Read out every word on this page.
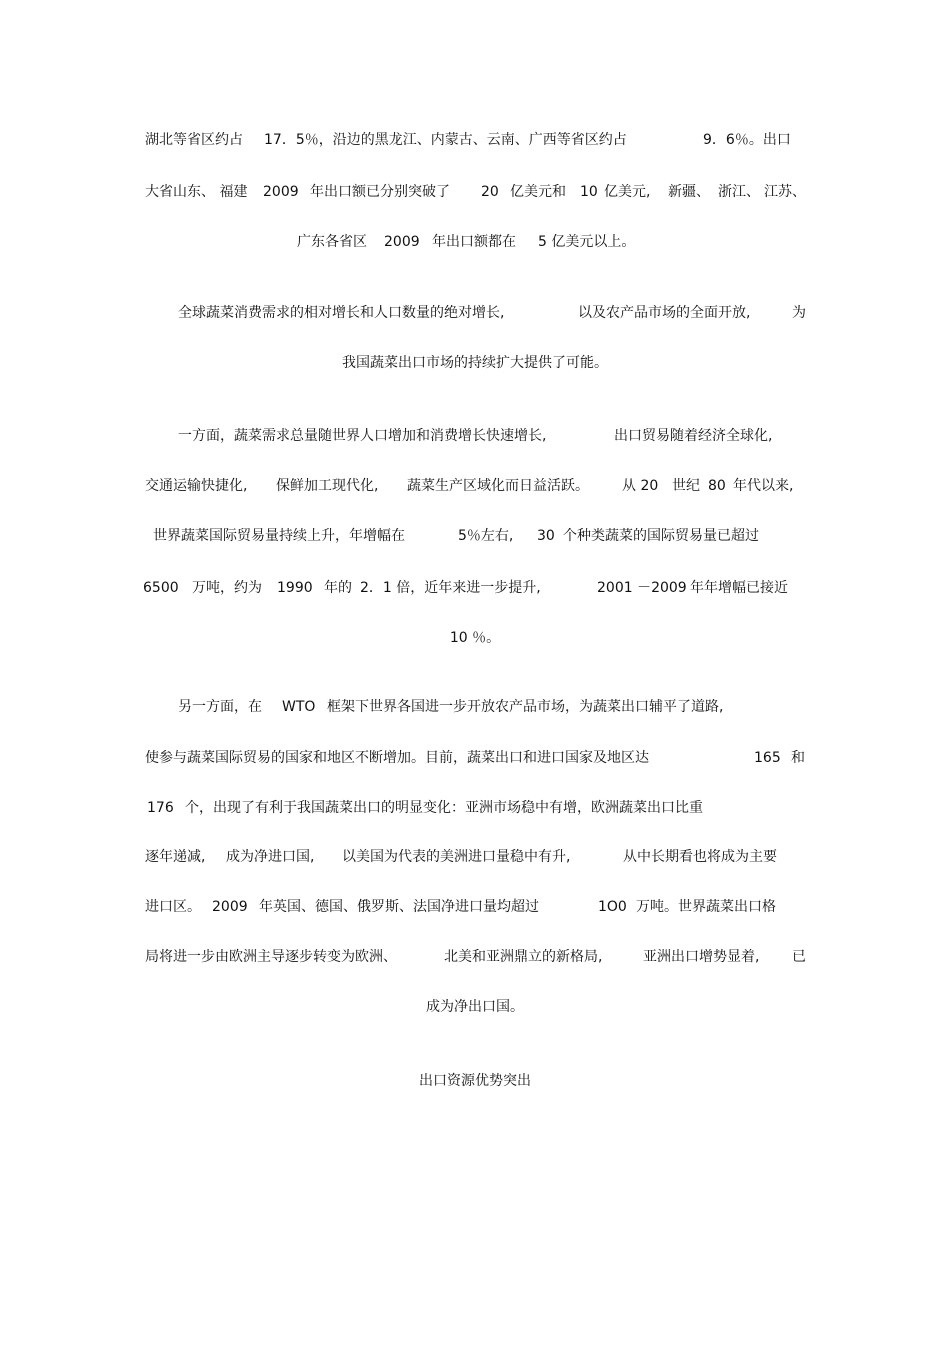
湖北等省区约占 17．5％，沿边的黑龙江、内蒙古、云南、广西等省区约占	9．6％。出口
大省山东、 福建 2009 年出口额已分别突破了 20 亿美元和 10 亿美元, 新疆、 浙江、 江苏、
广东各省区 2009 年出口额都在 5 亿美元以上。
全球蔬菜消费需求的相对增长和人口数量的绝对增长,	以及农产品市场的全面开放,	为
我国蔬菜出口市场的持续扩大提供了可能。
一方面，蔬菜需求总量随世界人口增加和消费增长快速增长,	出口贸易随着经济全球化,
交通运输快捷化, 保鲜加工现代化, 蔬菜生产区域化而日益活跃。 从 20 世纪 80 年代以来,
世界蔬菜国际贸易量持续上升，年增幅在	5％左右, 30 个种类蔬菜的国际贸易量已超过
6500 万吨，约为 1990 年的 2．1 倍，近年来进一步提升,	2001 －2009 年年增幅已接近
10 ％。
另一方面，在 WTO 框架下世界各国进一步开放农产品市场，为蔬菜出口辅平了道路,
使参与蔬菜国际贸易的国家和地区不断增加。目前，蔬菜出口和进口国家及地区达	165 和
176 个，出现了有利于我国蔬菜出口的明显变化：亚洲市场稳中有增，欧洲蔬菜出口比重
逐年递减, 成为净进口国, 以美国为代表的美洲进口量稳中有升,	从中长期看也将成为主要
进口区。 2009 年英国、德国、俄罗斯、法国净进口量均超过	1O0 万吨。世界蔬菜出口格
局将进一步由欧洲主导逐步转变为欧洲、	北美和亚洲鼎立的新格局,	亚洲出口增势显着, 已
成为净出口国。
出口资源优势突出
